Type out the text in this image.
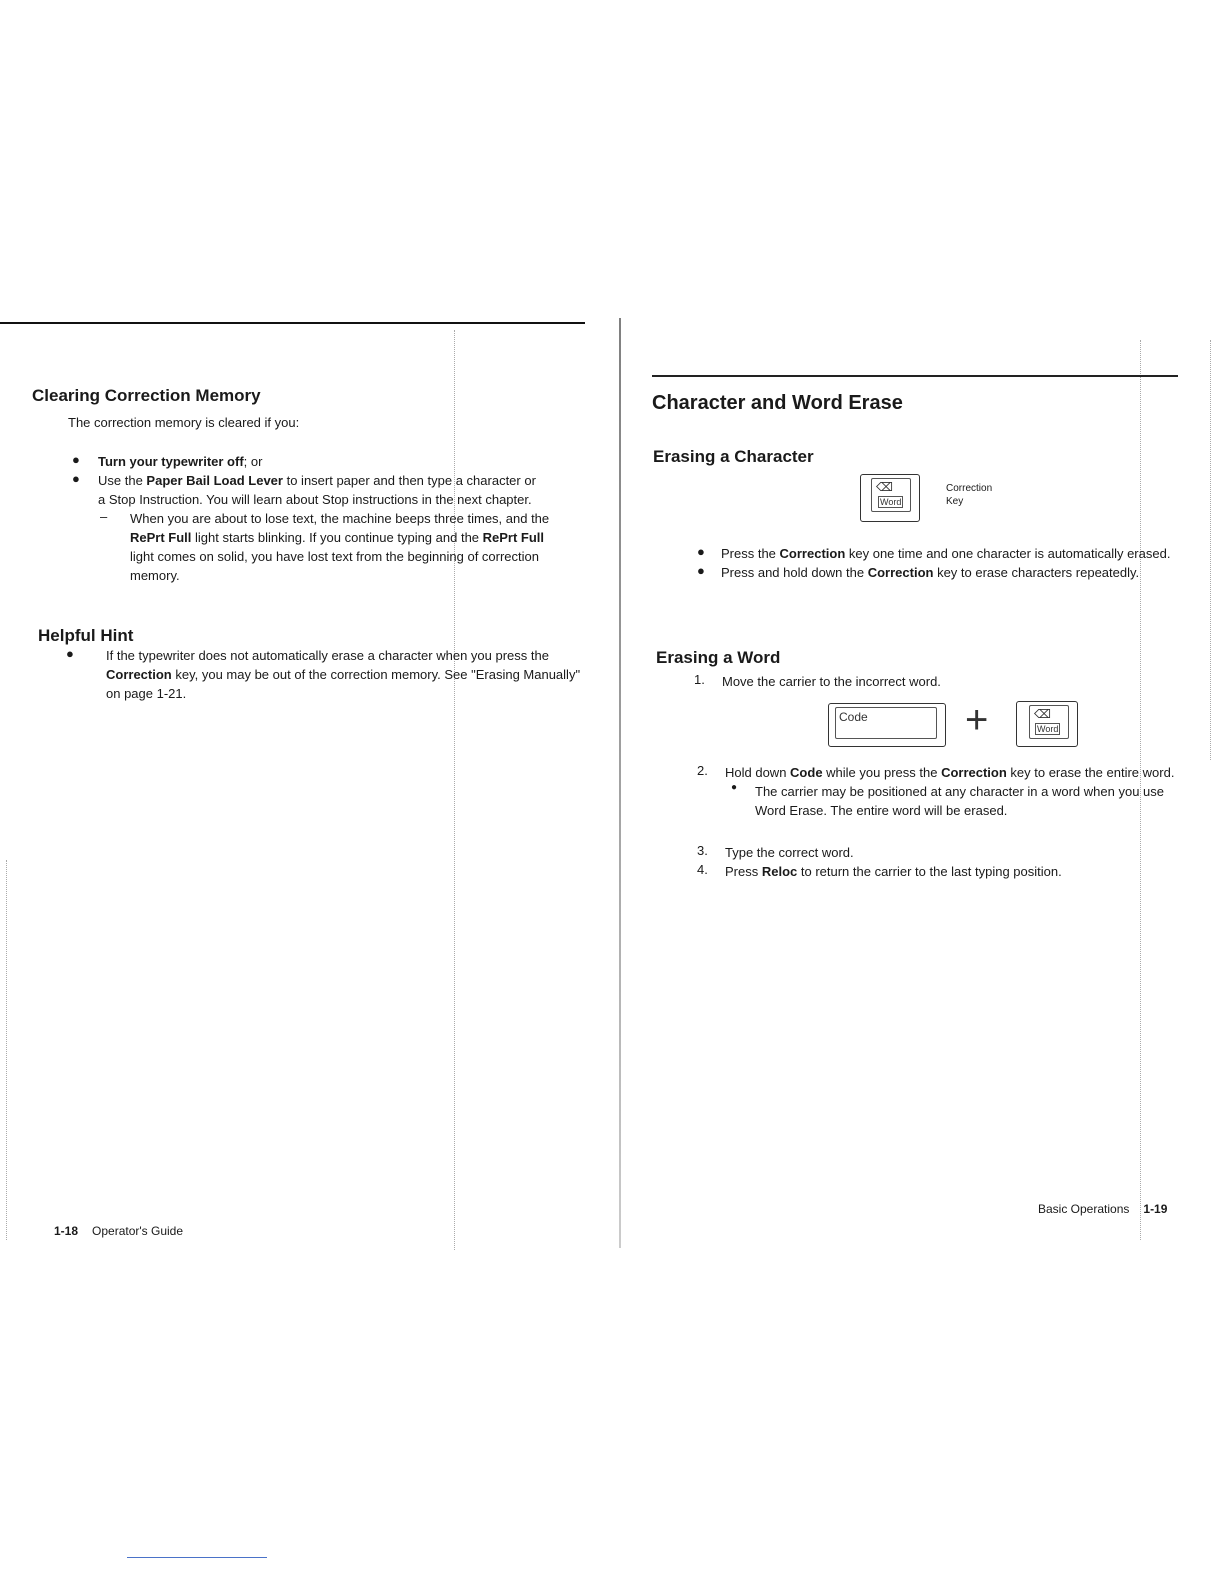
Clearing Correction Memory

The correction memory is cleared if you:

● Turn your typewriter off; or

● Use the Paper Bail Load Lever to insert paper and then type a character or a Stop Instruction. You will learn about Stop instructions in the next chapter.

– When you are about to lose text, the machine beeps three times, and the RePrt Full light starts blinking. If you continue typing and the RePrt Full light comes on solid, you have lost text from the beginning of correction memory.

Helpful Hint
● If the typewriter does not automatically erase a character when you press the Correction key, you may be out of the correction memory. See "Erasing Manually" on page 1-21.

1-18 Operator's Guide
Character and Word Erase
Erasing a Character
⌫
Word
Correction
Key
● Press the Correction key one time and one character is automatically erased.

● Press and hold down the Correction key to erase characters repeatedly.

Erasing a Word
1. Move the carrier to the incorrect word.

Code +	⌫
Word
2. Hold down Code while you press the Correction key to erase the entire word.

● The carrier may be positioned at any character in a word when you use Word Erase. The entire word will be erased.

3. Type the correct word.

4. Press Reloc to return the carrier to the last typing position.

Basic Operations 1-19
